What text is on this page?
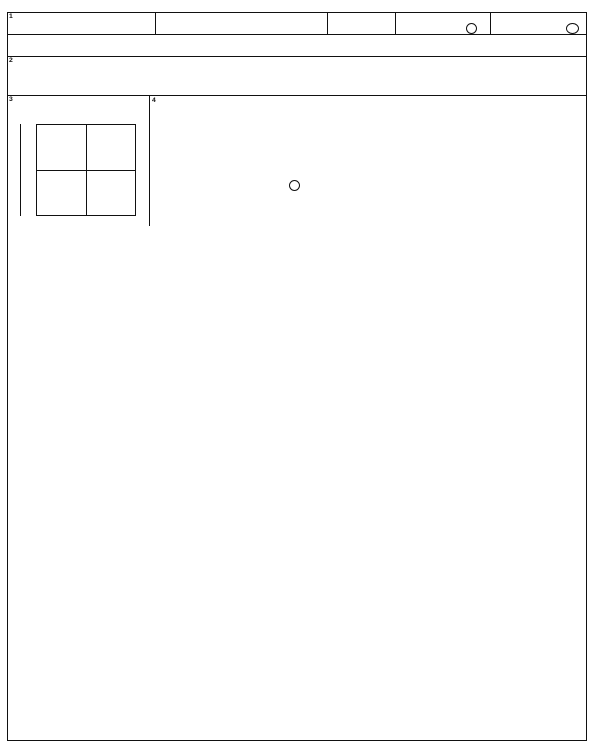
1
2
3	4
